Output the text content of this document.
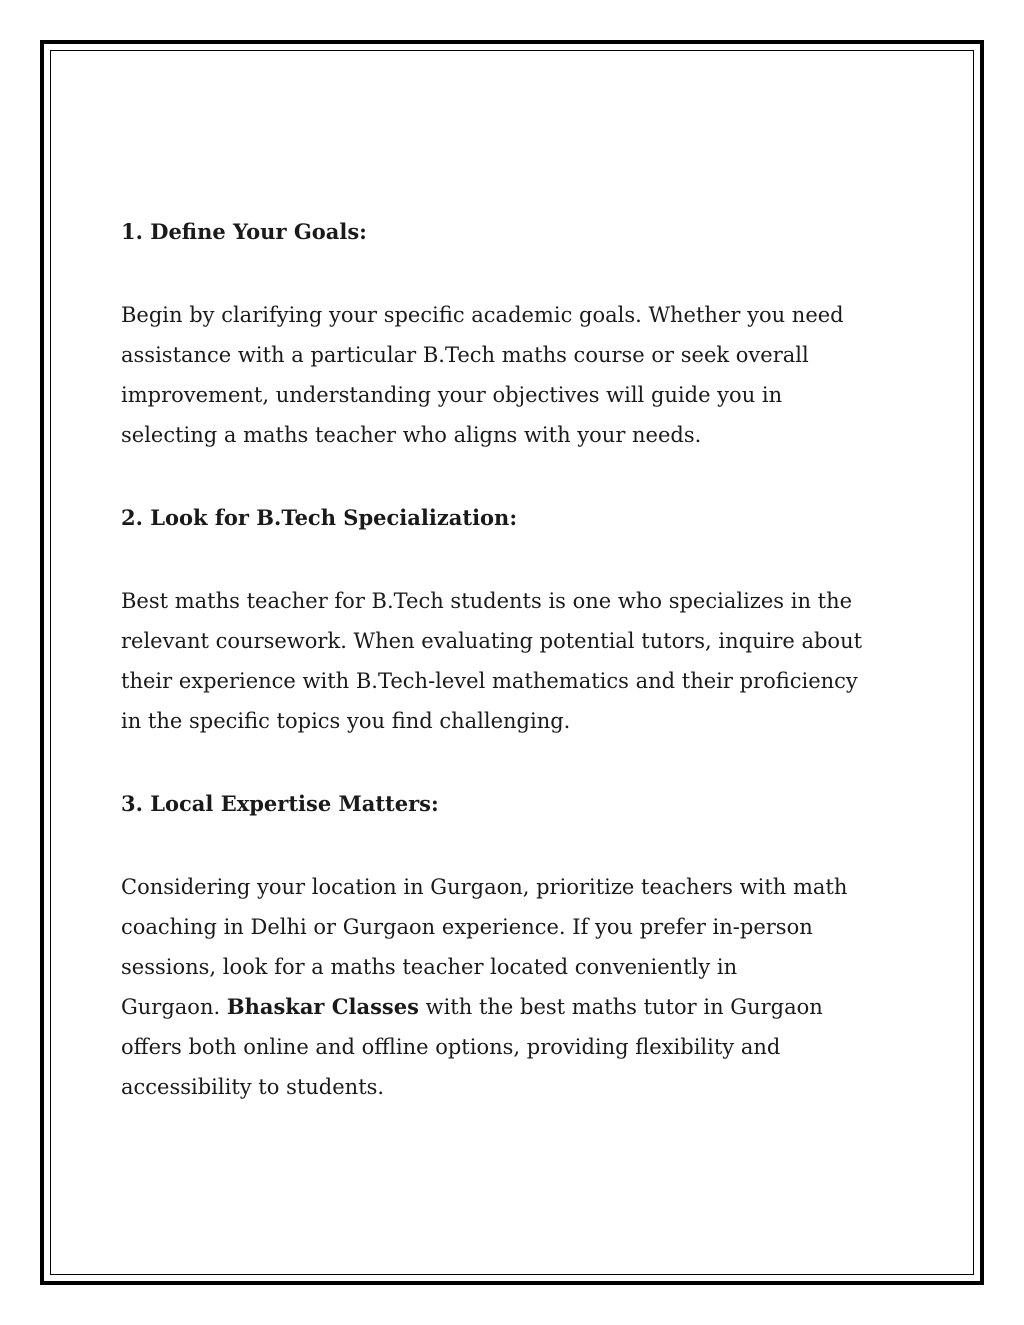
1. Define Your Goals:

Begin by clarifying your specific academic goals. Whether you need

assistance with a particular B.Tech maths course or seek overall

improvement, understanding your objectives will guide you in

selecting a maths teacher who aligns with your needs.

2. Look for B.Tech Specialization:

Best maths teacher for B.Tech students is one who specializes in the

relevant coursework. When evaluating potential tutors, inquire about

their experience with B.Tech-level mathematics and their proficiency

in the specific topics you find challenging.

3. Local Expertise Matters:

Considering your location in Gurgaon, prioritize teachers with math

coaching in Delhi or Gurgaon experience. If you prefer in-person

sessions, look for a maths teacher located conveniently in

Gurgaon. Bhaskar Classes with the best maths tutor in Gurgaon

offers both online and offline options, providing flexibility and

accessibility to students.
